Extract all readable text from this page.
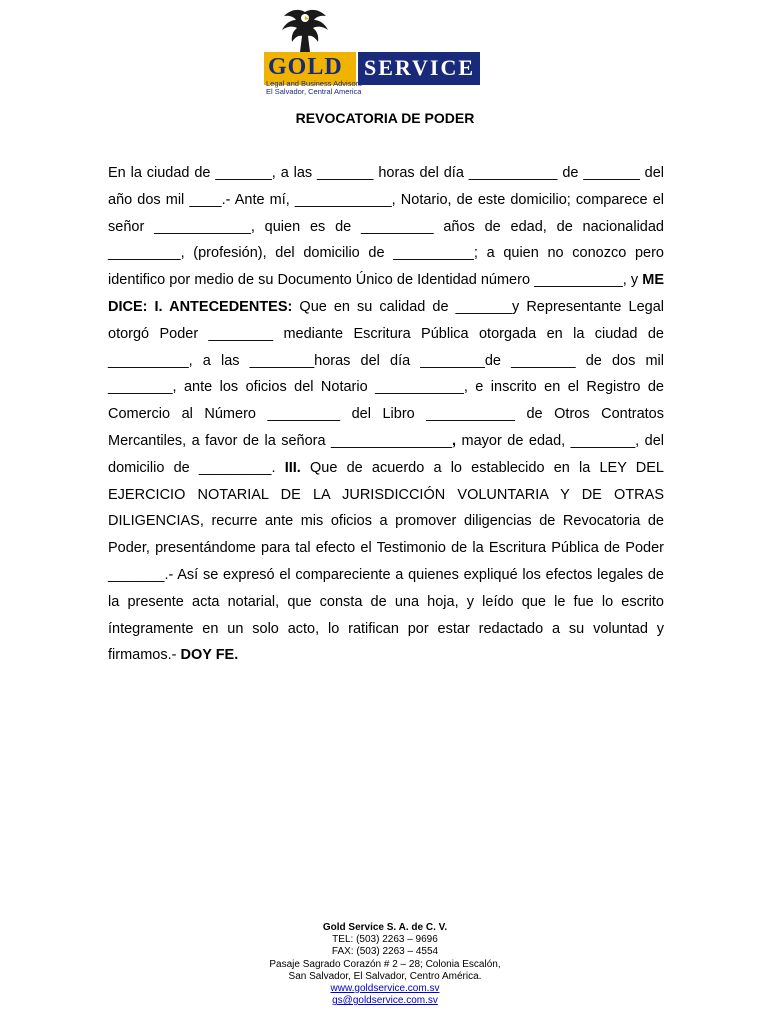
GOLD SERVICE
Legal and Business Advisors
El Salvador, Central America
REVOCATORIA DE PODER

En la ciudad de _______, a las _______ horas del día ___________ de _______ del año dos mil ____.- Ante mí, ____________, Notario, de este domicilio; comparece el señor ____________, quien es de _________ años de edad, de nacionalidad _________, (profesión), del domicilio de __________; a quien no conozco pero identifico por medio de su Documento Único de Identidad número ___________, y ME DICE: I. ANTECEDENTES: Que en su calidad de _______y Representante Legal otorgó Poder ________ mediante Escritura Pública otorgada en la ciudad de __________, a las ________horas del día ________de ________ de dos mil ________, ante los oficios del Notario ___________, e inscrito en el Registro de Comercio al Número _________ del Libro ___________ de Otros Contratos Mercantiles, a favor de la señora _______________, mayor de edad, ________, del domicilio de _________. III. Que de acuerdo a lo establecido en la LEY DEL EJERCICIO NOTARIAL DE LA JURISDICCIÓN VOLUNTARIA Y DE OTRAS DILIGENCIAS, recurre ante mis oficios a promover diligencias de Revocatoria de Poder, presentándome para tal efecto el Testimonio de la Escritura Pública de Poder _______.- Así se expresó el compareciente a quienes expliqué los efectos legales de la presente acta notarial, que consta de una hoja, y leído que le fue lo escrito íntegramente en un solo acto, lo ratifican por estar redactado a su voluntad y firmamos.- DOY FE.

Gold Service S. A. de C. V.
TEL: (503) 2263 – 9696
FAX: (503) 2263 – 4554
Pasaje Sagrado Corazón # 2 – 28; Colonia Escalón,
San Salvador, El Salvador, Centro América.
www.goldservice.com.sv
gs@goldservice.com.sv
